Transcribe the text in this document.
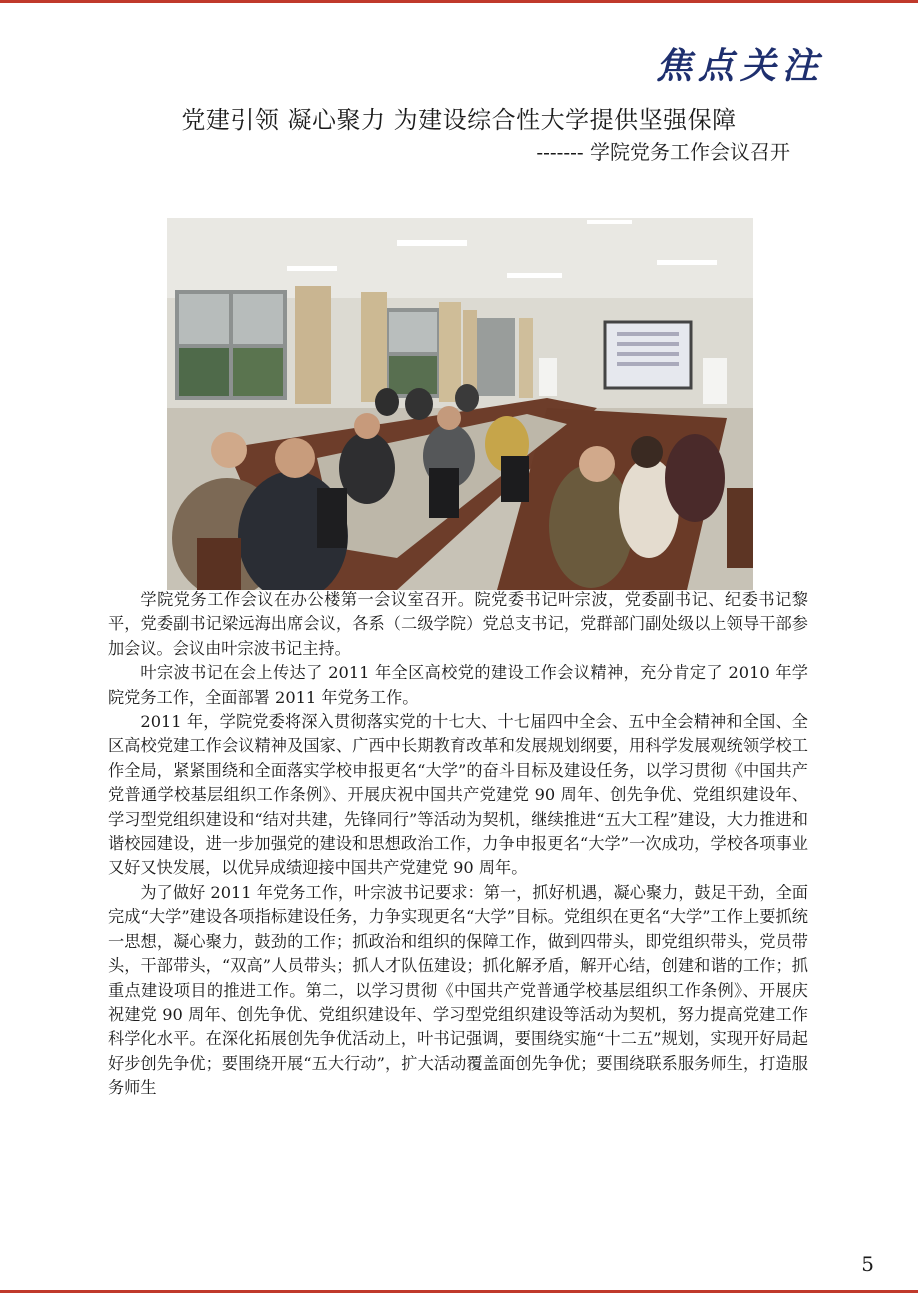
焦点关注
党建引领 凝心聚力 为建设综合性大学提供坚强保障
------- 学院党务工作会议召开

学院党务工作会议在办公楼第一会议室召开。院党委书记叶宗波，党委副书记、纪委书记黎平，党委副书记梁远海出席会议，各系（二级学院）党总支书记，党群部门副处级以上领导干部参加会议。会议由叶宗波书记主持。

叶宗波书记在会上传达了 2011 年全区高校党的建设工作会议精神，充分肯定了 2010 年学院党务工作，全面部署 2011 年党务工作。

2011 年，学院党委将深入贯彻落实党的十七大、十七届四中全会、五中全会精神和全国、全区高校党建工作会议精神及国家、广西中长期教育改革和发展规划纲要，用科学发展观统领学校工作全局，紧紧围绕和全面落实学校申报更名“大学”的奋斗目标及建设任务，以学习贯彻《中国共产党普通学校基层组织工作条例》、开展庆祝中国共产党建党 90 周年、创先争优、党组织建设年、学习型党组织建设和“结对共建，先锋同行”等活动为契机，继续推进“五大工程”建设，大力推进和谐校园建设，进一步加强党的建设和思想政治工作，力争申报更名“大学”一次成功，学校各项事业又好又快发展，以优异成绩迎接中国共产党建党 90 周年。

为了做好 2011 年党务工作，叶宗波书记要求：第一，抓好机遇，凝心聚力，鼓足干劲，全面完成“大学”建设各项指标建设任务，力争实现更名“大学”目标。党组织在更名“大学”工作上要抓统一思想，凝心聚力，鼓劲的工作；抓政治和组织的保障工作，做到四带头，即党组织带头，党员带头，干部带头，“双高”人员带头；抓人才队伍建设；抓化解矛盾，解开心结，创建和谐的工作；抓重点建设项目的推进工作。第二，以学习贯彻《中国共产党普通学校基层组织工作条例》、开展庆祝建党 90 周年、创先争优、党组织建设年、学习型党组织建设等活动为契机，努力提高党建工作科学化水平。在深化拓展创先争优活动上，叶书记强调，要围绕实施“十二五”规划，实现开好局起好步创先争优；要围绕开展“五大行动”，扩大活动覆盖面创先争优；要围绕联系服务师生，打造服务师生

5
